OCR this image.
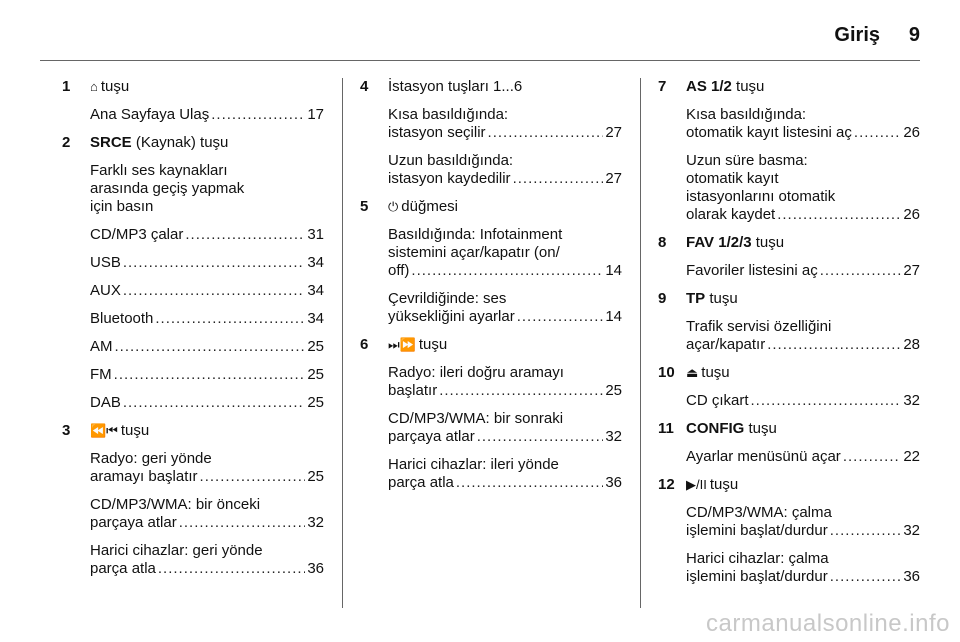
Giriş 9
1 ⌂ tuşu
Ana Sayfaya Ulaş .....	17
2 SRCE (Kaynak) tuşu
Farklı ses kaynakları
arasında geçiş yapmak
için basın
CD/MP3 çalar .....	31
USB .....	34
AUX .....	34
Bluetooth .....	34
AM .....	25
FM .....	25
DAB .....	25
3 ⏪⏮ tuşu
Radyo: geri yönde
aramayı başlatır .....	25
CD/MP3/WMA: bir önceki
parçaya atlar .....	32
Harici cihazlar: geri yönde
parça atla .....	36
4 İstasyon tuşları 1...6
Kısa basıldığında:
istasyon seçilir .....	27
Uzun basıldığında:
istasyon kaydedilir .....	27
5 ⏻ düğmesi
Basıldığında: Infotainment
sistemini açar/kapatır (on/
off) .....	14
Çevrildiğinde: ses
yüksekliğini ayarlar .....	14
6 ⏭⏩ tuşu
Radyo: ileri doğru aramayı
başlatır .....	25
CD/MP3/WMA: bir sonraki
parçaya atlar .....	32
Harici cihazlar: ileri yönde
parça atla .....	36
7 AS 1/2 tuşu
Kısa basıldığında:
otomatik kayıt listesini aç .....	26
Uzun süre basma:
otomatik kayıt
istasyonlarını otomatik
olarak kaydet .....	26
8 FAV 1/2/3 tuşu
Favoriler listesini aç .....	27
9 TP tuşu
Trafik servisi özelliğini
açar/kapatır .....	28
10 ⏏ tuşu
CD çıkart .....	32
11 CONFIG tuşu
Ayarlar menüsünü açar .....	22
12 ▶/II tuşu
CD/MP3/WMA: çalma
işlemini başlat/durdur .....	32
Harici cihazlar: çalma
işlemini başlat/durdur .....	36
carmanualsonline.info
